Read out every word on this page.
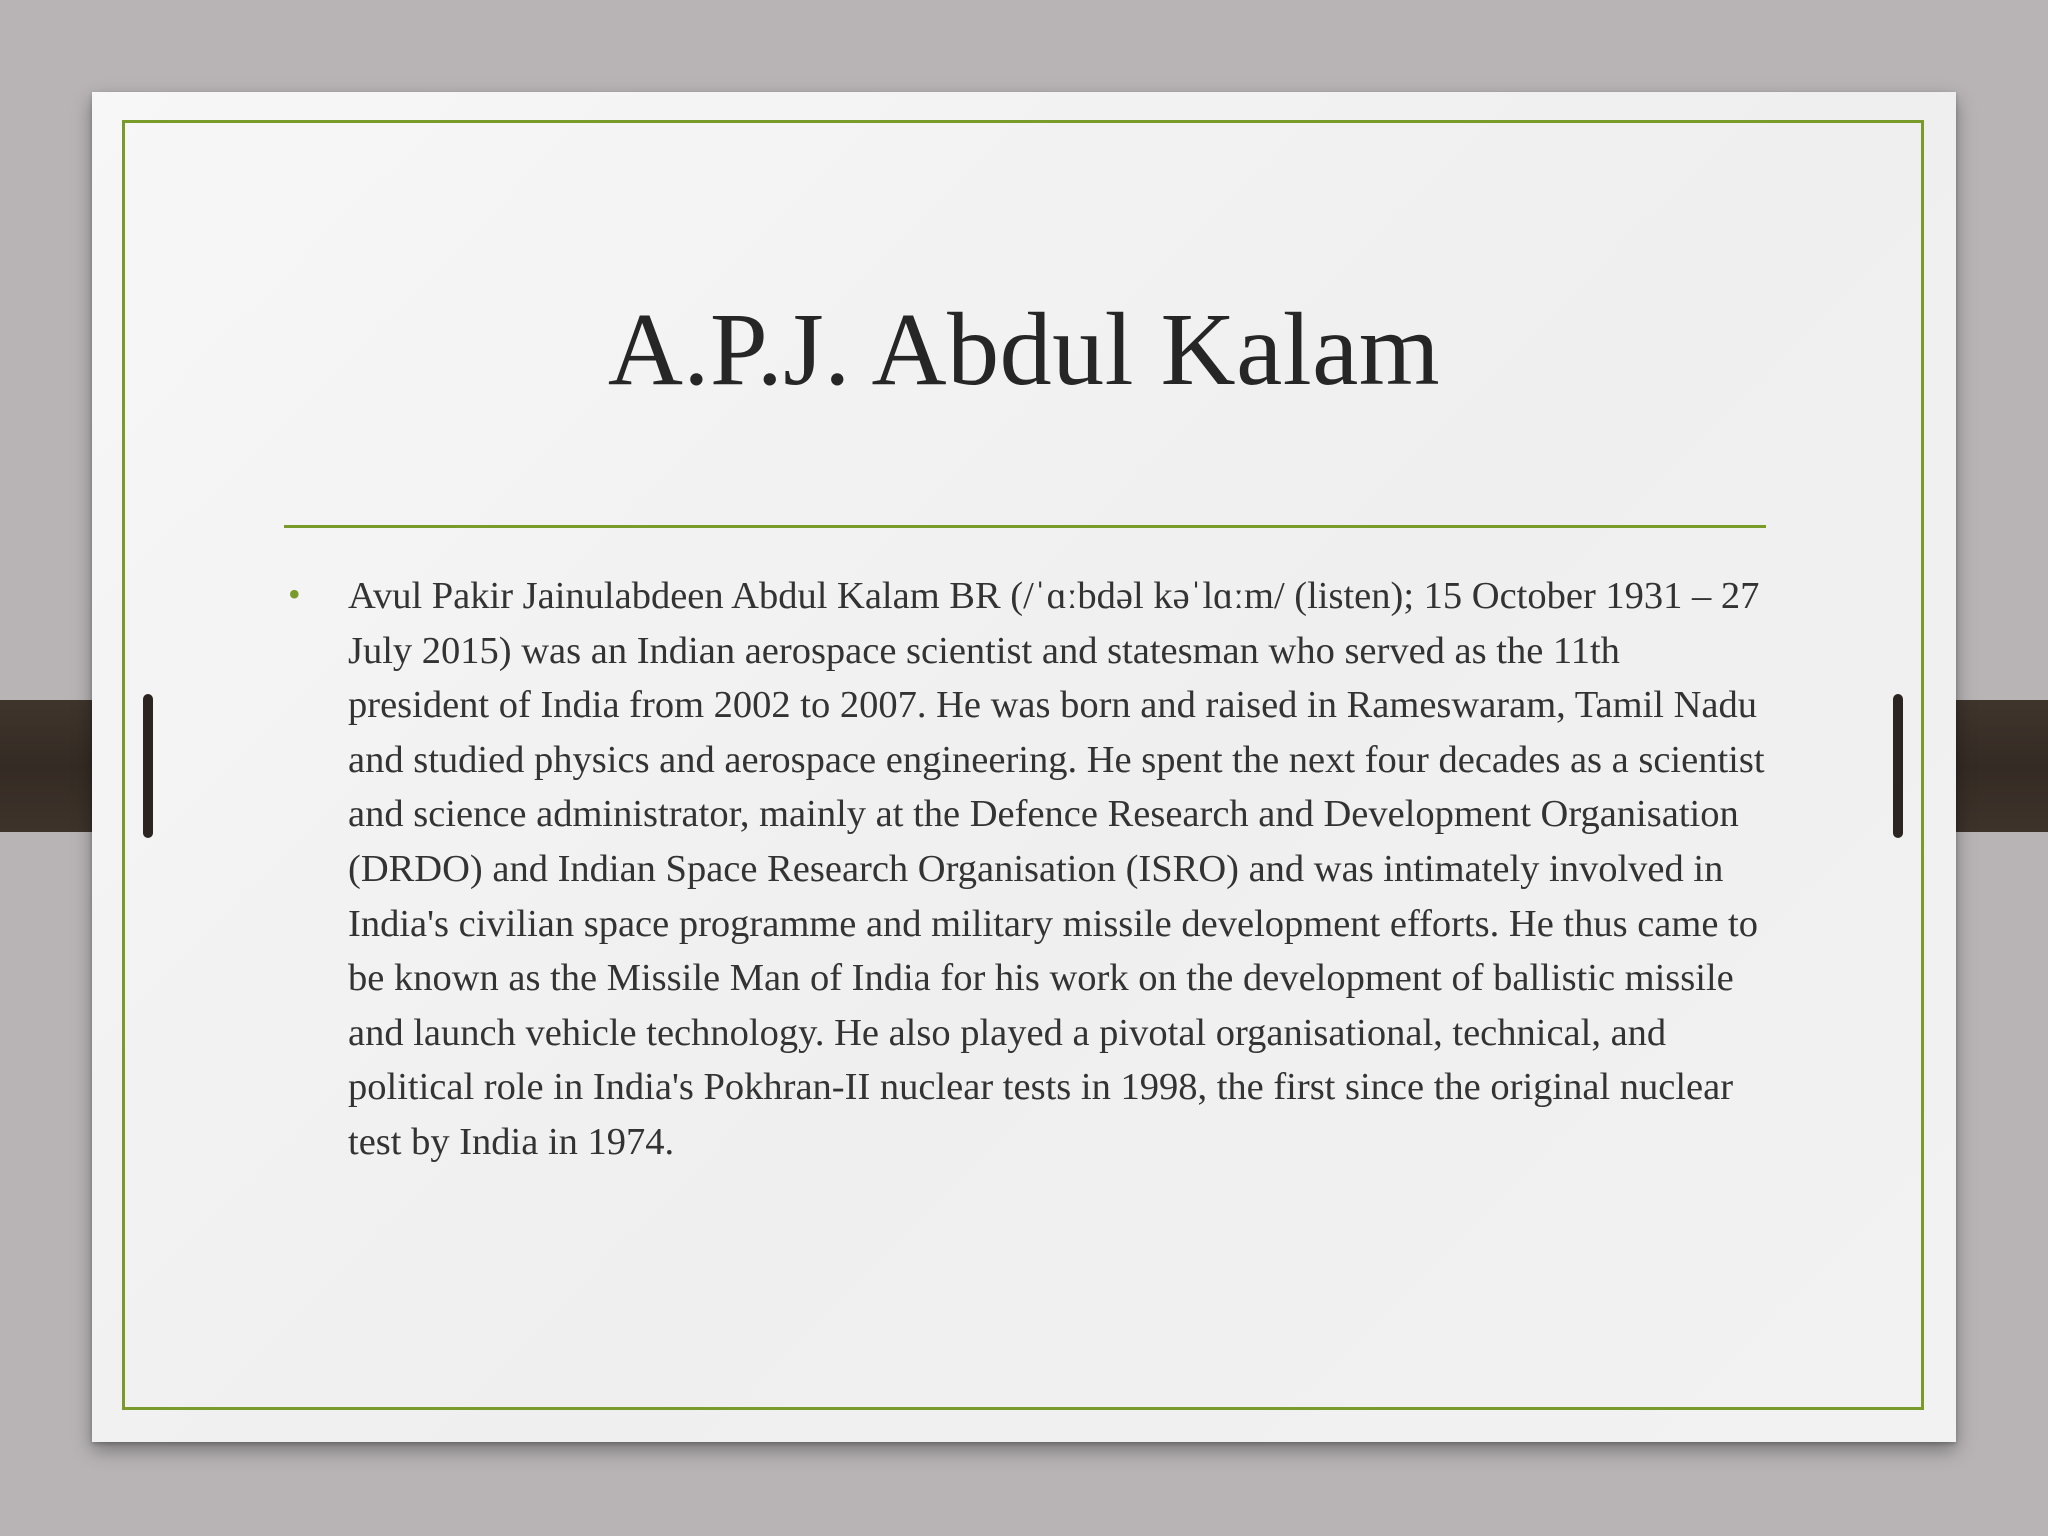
A.P.J. Abdul Kalam
• Avul Pakir Jainulabdeen Abdul Kalam BR (/ˈɑːbdəl kəˈlɑːm/ (listen); 15 October 1931 – 27 July 2015) was an Indian aerospace scientist and statesman who served as the 11th president of India from 2002 to 2007. He was born and raised in Rameswaram, Tamil Nadu and studied physics and aerospace engineering. He spent the next four decades as a scientist and science administrator, mainly at the Defence Research and Development Organisation (DRDO) and Indian Space Research Organisation (ISRO) and was intimately involved in India's civilian space programme and military missile development efforts. He thus came to be known as the Missile Man of India for his work on the development of ballistic missile and launch vehicle technology. He also played a pivotal organisational, technical, and political role in India's Pokhran-II nuclear tests in 1998, the first since the original nuclear test by India in 1974.
